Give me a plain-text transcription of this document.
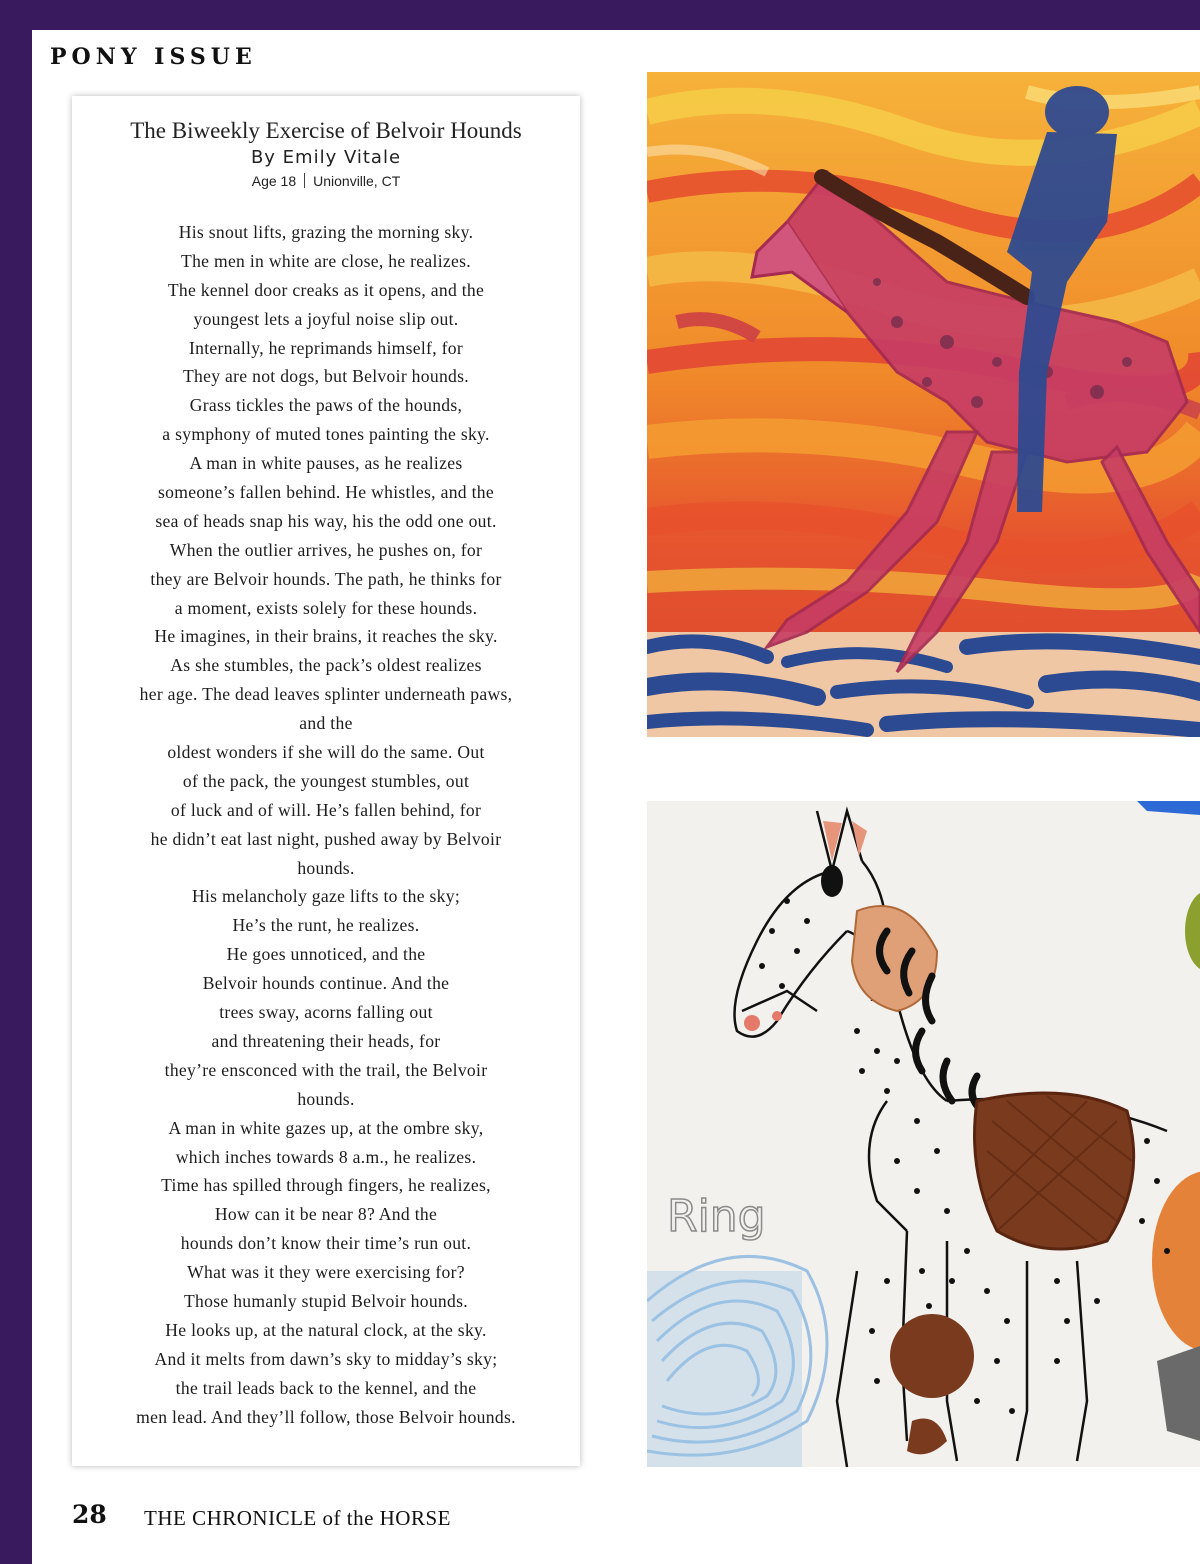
PONY ISSUE
The Biweekly Exercise of Belvoir Hounds
By Emily Vitale
Age 18 Unionville, CT
His snout lifts, grazing the morning sky.
The men in white are close, he realizes.
The kennel door creaks as it opens, and the
youngest lets a joyful noise slip out.
Internally, he reprimands himself, for
They are not dogs, but Belvoir hounds.
Grass tickles the paws of the hounds,
a symphony of muted tones painting the sky.
A man in white pauses, as he realizes
someone’s fallen behind. He whistles, and the
sea of heads snap his way, his the odd one out.
When the outlier arrives, he pushes on, for
they are Belvoir hounds. The path, he thinks for
a moment, exists solely for these hounds.
He imagines, in their brains, it reaches the sky.
As she stumbles, the pack’s oldest realizes
her age. The dead leaves splinter underneath paws,
and the
oldest wonders if she will do the same. Out
of the pack, the youngest stumbles, out
of luck and of will. He’s fallen behind, for
he didn’t eat last night, pushed away by Belvoir
hounds.
His melancholy gaze lifts to the sky;
He’s the runt, he realizes.
He goes unnoticed, and the
Belvoir hounds continue. And the
trees sway, acorns falling out
and threatening their heads, for
they’re ensconced with the trail, the Belvoir
hounds.
A man in white gazes up, at the ombre sky,
which inches towards 8 a.m., he realizes.
Time has spilled through fingers, he realizes,
How can it be near 8? And the
hounds don’t know their time’s run out.
What was it they were exercising for?
Those humanly stupid Belvoir hounds.
He looks up, at the natural clock, at the sky.
And it melts from dawn’s sky to midday’s sky;
the trail leads back to the kennel, and the
men lead. And they’ll follow, those Belvoir hounds.
Ring
28 THE CHRONICLE of the HORSE
